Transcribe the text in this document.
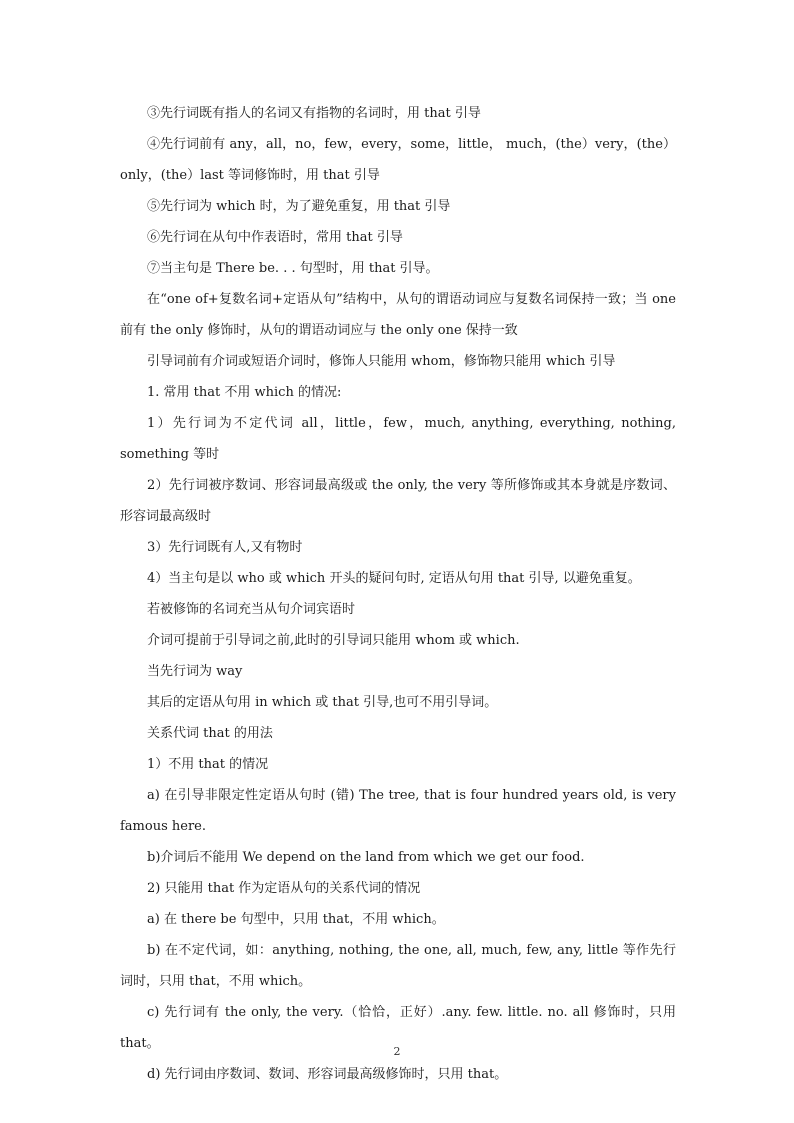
③先行词既有指人的名词又有指物的名词时，用 that 引导

④先行词前有 any，all，no，few，every，some，little， much，(the）very，(the）only，(the）last 等词修饰时，用 that 引导

⑤先行词为 which 时，为了避免重复，用 that 引导

⑥先行词在从句中作表语时，常用 that 引导

⑦当主句是 There be. . . 句型时，用 that 引导。

在“one of+复数名词+定语从句”结构中，从句的谓语动词应与复数名词保持一致；当 one 前有 the only 修饰时，从句的谓语动词应与 the only one 保持一致

引导词前有介词或短语介词时，修饰人只能用 whom，修饰物只能用 which 引导

1. 常用 that 不用 which 的情况:

1）先行词为不定代词 all，little，few，much, anything, everything, nothing, something 等时

2）先行词被序数词、形容词最高级或 the only, the very 等所修饰或其本身就是序数词、形容词最高级时

3）先行词既有人,又有物时

4）当主句是以 who 或 which 开头的疑问句时, 定语从句用 that 引导, 以避免重复。

若被修饰的名词充当从句介词宾语时

介词可提前于引导词之前,此时的引导词只能用 whom 或 which.

当先行词为 way

其后的定语从句用 in which 或 that 引导,也可不用引导词。

关系代词 that 的用法

1）不用 that 的情况

a) 在引导非限定性定语从句时 (错) The tree, that is four hundred years old, is very famous here.

b)介词后不能用 We depend on the land from which we get our food.

2) 只能用 that 作为定语从句的关系代词的情况

a) 在 there be 句型中，只用 that，不用 which。

b) 在不定代词，如：anything, nothing, the one, all, much, few, any, little 等作先行词时，只用 that，不用 which。

c) 先行词有 the only, the very.（恰恰，正好）.any. few. little. no. all 修饰时，只用 that。

d) 先行词由序数词、数词、形容词最高级修饰时，只用 that。

2
